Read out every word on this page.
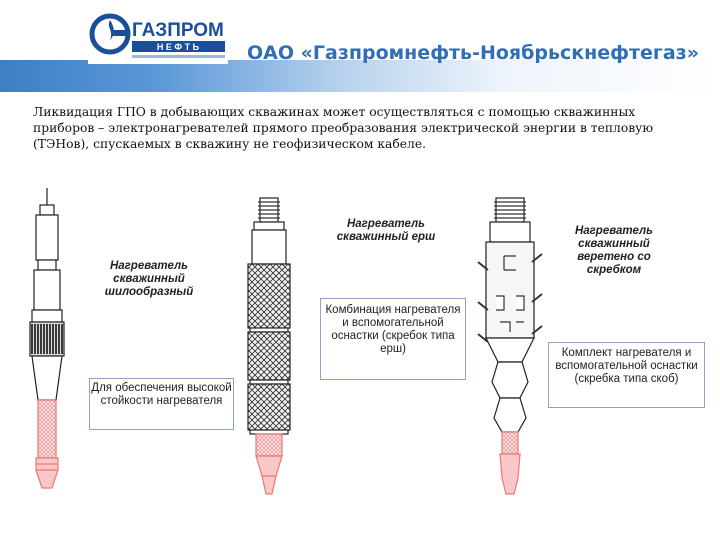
ГАЗПРОМ
Н Е Ф Т Ь	ОАО «Газпромнефть-Ноябрьскнефтегаз»
Ликвидация ГПО в добывающих скважинах может осуществляться с помощью скважинных приборов – электронагревателей прямого преобразования электрической энергии в тепловую (ТЭНов), спускаемых в скважину не геофизическом кабеле.
Нагреватель скважинный шилообразный
Для обеспечения высокой стойкости нагревателя
Нагреватель скважинный ерш
Комбинация нагревателя и вспомогательной оснастки (скребок типа ерш)
Нагреватель скважинный веретено со скребком
Комплект нагревателя и вспомогательной оснастки (скребка типа скоб)
